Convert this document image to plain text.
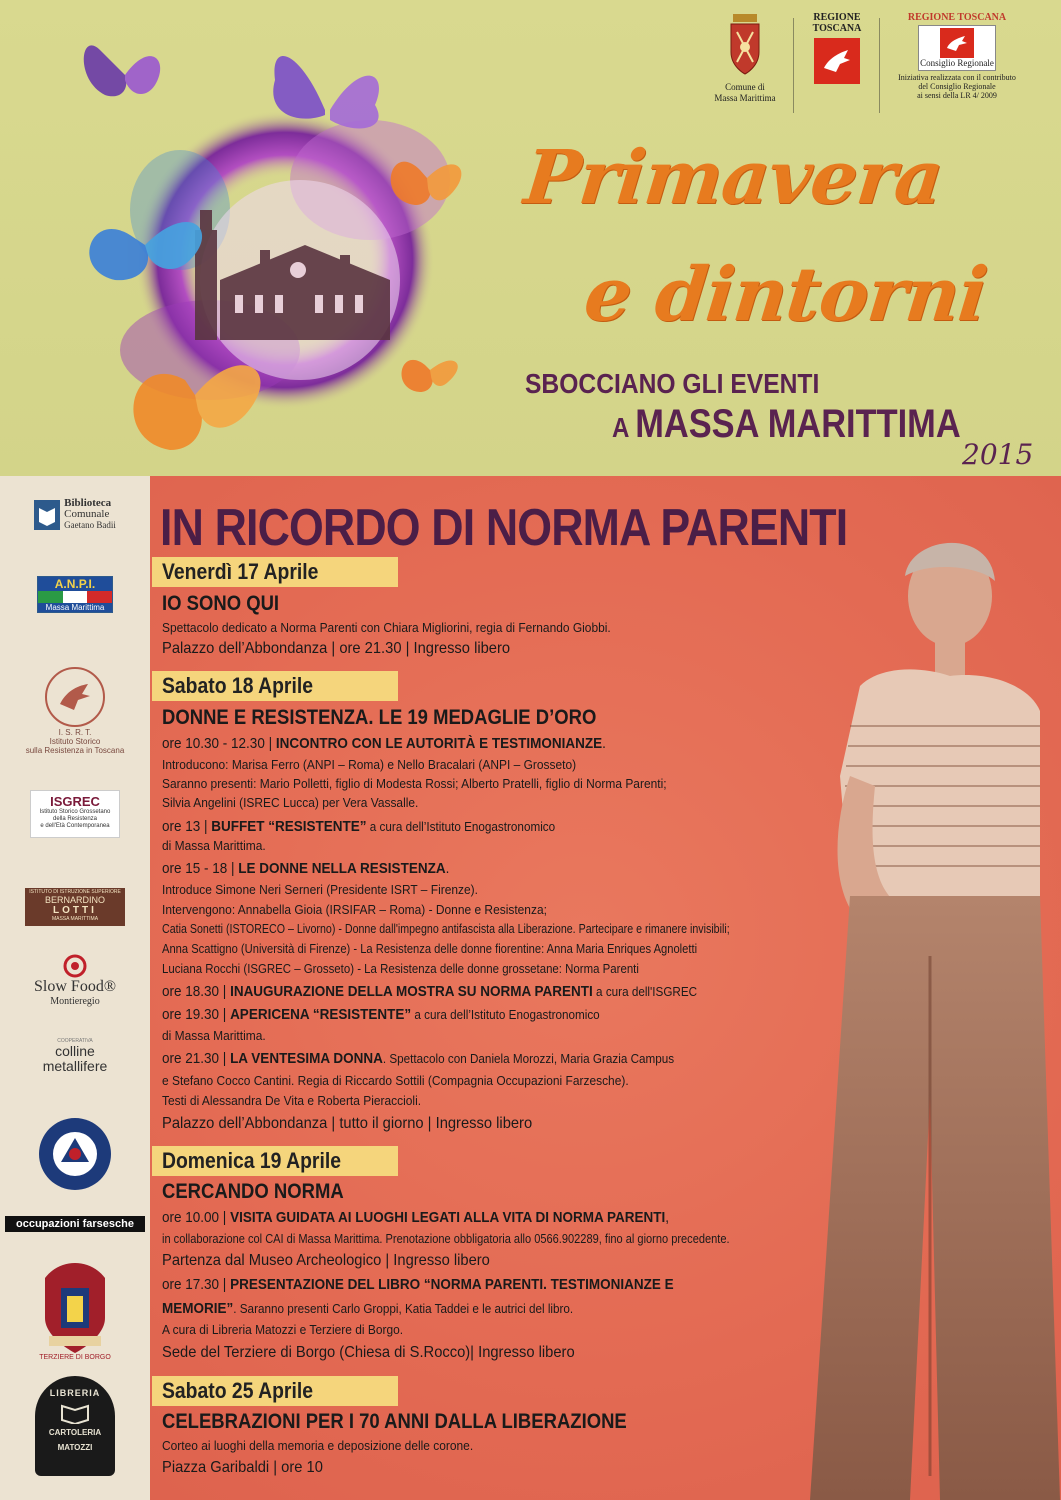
Comune di
Massa Marittima
REGIONE
TOSCANA
REGIONE TOSCANA
Consiglio Regionale
Iniziativa realizzata con il contributo
del Consiglio Regionale
ai sensi della LR 4/ 2009
Primavera
e dintorni
SBOCCIANO GLI EVENTI
A MASSA MARITTIMA
2015
Biblioteca
Comunale
Gaetano Badii
A.N.P.I.
Massa Marittima
I. S. R. T.
Istituto Storico
sulla Resistenza in Toscana
ISGREC
Istituto Storico Grossetano
della Resistenza
e dell'Età Contemporanea
ISTITUTO DI ISTRUZIONE SUPERIORE
BERNARDINO
LOTTI
MASSA MARITTIMA
Slow Food®
Montieregio
COOPERATIVA
colline
metallifere
occupazioni farsesche
TERZIERE DI BORGO
LIBRERIA
CARTOLERIA
MATOZZI
IN RICORDO DI NORMA PARENTI
Venerdì 17 Aprile
IO SONO QUI
Spettacolo dedicato a Norma Parenti con Chiara Migliorini, regia di Fernando Giobbi.
Palazzo dell’Abbondanza | ore 21.30 | Ingresso libero
Sabato 18 Aprile
DONNE E RESISTENZA. LE 19 MEDAGLIE D’ORO
ore 10.30 - 12.30 | INCONTRO CON LE AUTORITÀ E TESTIMONIANZE.
Introducono: Marisa Ferro (ANPI – Roma) e Nello Bracalari (ANPI – Grosseto)
Saranno presenti: Mario Polletti, figlio di Modesta Rossi; Alberto Pratelli, figlio di Norma Parenti;
Silvia Angelini (ISREC Lucca) per Vera Vassalle.
ore 13 | BUFFET “RESISTENTE” a cura dell’Istituto Enogastronomico
di Massa Marittima.
ore 15 - 18 | LE DONNE NELLA RESISTENZA.
Introduce Simone Neri Serneri (Presidente ISRT – Firenze).
Intervengono: Annabella Gioia (IRSIFAR – Roma) - Donne e Resistenza;
Catia Sonetti (ISTORECO – Livorno) - Donne dall'impegno antifascista alla Liberazione. Partecipare e rimanere invisibili;
Anna Scattigno (Università di Firenze) - La Resistenza delle donne fiorentine: Anna Maria Enriques Agnoletti
Luciana Rocchi (ISGREC – Grosseto) - La Resistenza delle donne grossetane: Norma Parenti
ore 18.30 | INAUGURAZIONE DELLA MOSTRA SU NORMA PARENTI a cura dell'ISGREC
ore 19.30 | APERICENA “RESISTENTE” a cura dell’Istituto Enogastronomico
di Massa Marittima.
ore 21.30 | LA VENTESIMA DONNA. Spettacolo con Daniela Morozzi, Maria Grazia Campus
e Stefano Cocco Cantini. Regia di Riccardo Sottili (Compagnia Occupazioni Farzesche).
Testi di Alessandra De Vita e Roberta Pieraccioli.
Palazzo dell’Abbondanza | tutto il giorno | Ingresso libero
Domenica 19 Aprile
CERCANDO NORMA
ore 10.00 | VISITA GUIDATA AI LUOGHI LEGATI ALLA VITA DI NORMA PARENTI,
in collaborazione col CAI di Massa Marittima. Prenotazione obbligatoria allo 0566.902289, fino al giorno precedente.
Partenza dal Museo Archeologico | Ingresso libero
ore 17.30 | PRESENTAZIONE DEL LIBRO “NORMA PARENTI. TESTIMONIANZE E
MEMORIE”. Saranno presenti Carlo Groppi, Katia Taddei e le autrici del libro.
A cura di Libreria Matozzi e Terziere di Borgo.
Sede del Terziere di Borgo (Chiesa di S.Rocco)| Ingresso libero
Sabato 25 Aprile
CELEBRAZIONI PER I 70 ANNI DALLA LIBERAZIONE
Corteo ai luoghi della memoria e deposizione delle corone.
Piazza Garibaldi | ore 10
